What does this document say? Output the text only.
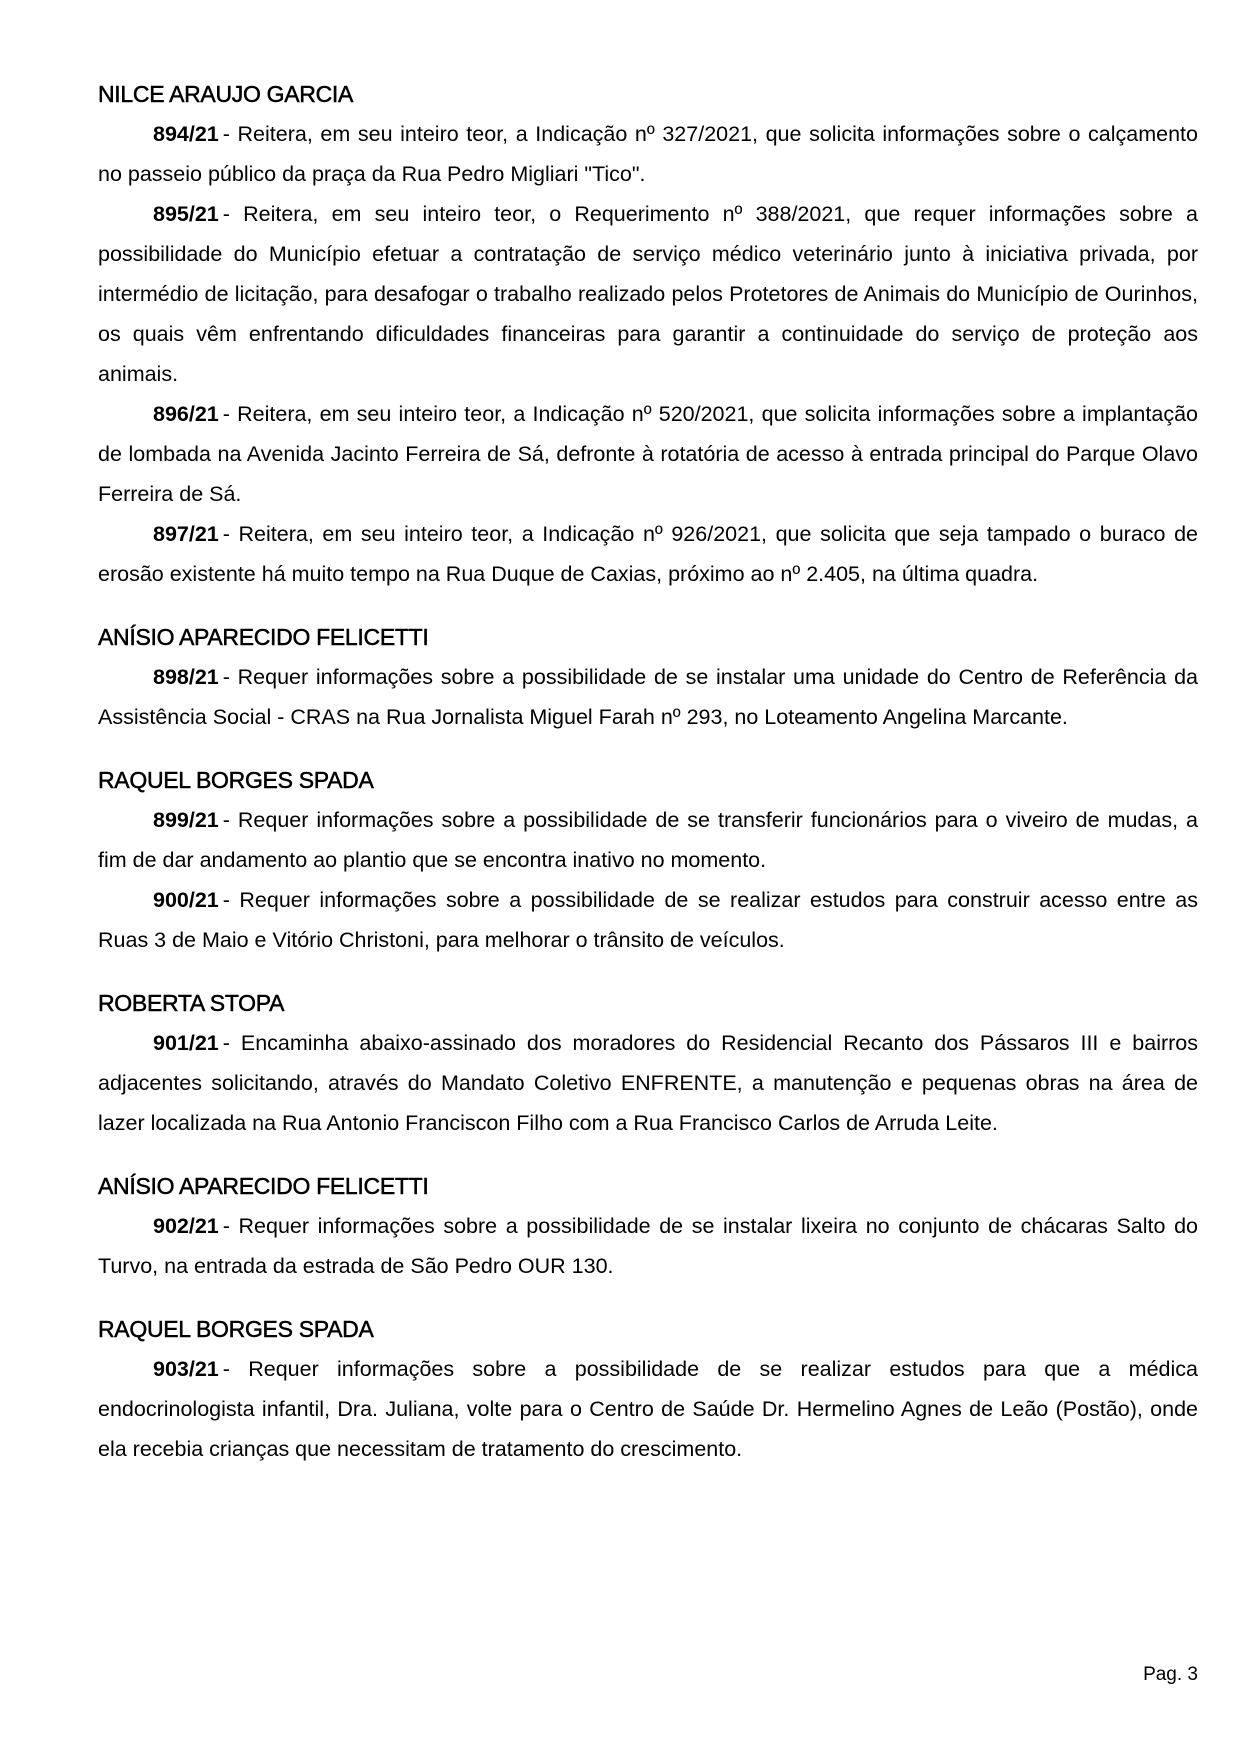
NILCE ARAUJO GARCIA

894/21 - Reitera, em seu inteiro teor, a Indicação nº 327/2021, que solicita informações sobre o calçamento no passeio público da praça da Rua Pedro Migliari "Tico".

895/21 - Reitera, em seu inteiro teor, o Requerimento nº 388/2021, que requer informações sobre a possibilidade do Município efetuar a contratação de serviço médico veterinário junto à iniciativa privada, por intermédio de licitação, para desafogar o trabalho realizado pelos Protetores de Animais do Município de Ourinhos, os quais vêm enfrentando dificuldades financeiras para garantir a continuidade do serviço de proteção aos animais.

896/21 - Reitera, em seu inteiro teor, a Indicação nº 520/2021, que solicita informações sobre a implantação de lombada na Avenida Jacinto Ferreira de Sá, defronte à rotatória de acesso à entrada principal do Parque Olavo Ferreira de Sá.

897/21 - Reitera, em seu inteiro teor, a Indicação nº 926/2021, que solicita que seja tampado o buraco de erosão existente há muito tempo na Rua Duque de Caxias, próximo ao nº 2.405, na última quadra.

ANÍSIO APARECIDO FELICETTI

898/21 - Requer informações sobre a possibilidade de se instalar uma unidade do Centro de Referência da Assistência Social - CRAS na Rua Jornalista Miguel Farah nº 293, no Loteamento Angelina Marcante.

RAQUEL BORGES SPADA

899/21 - Requer informações sobre a possibilidade de se transferir funcionários para o viveiro de mudas, a fim de dar andamento ao plantio que se encontra inativo no momento.

900/21 - Requer informações sobre a possibilidade de se realizar estudos para construir acesso entre as Ruas 3 de Maio e Vitório Christoni, para melhorar o trânsito de veículos.

ROBERTA STOPA

901/21 - Encaminha abaixo-assinado dos moradores do Residencial Recanto dos Pássaros III e bairros adjacentes solicitando, através do Mandato Coletivo ENFRENTE, a manutenção e pequenas obras na área de lazer localizada na Rua Antonio Franciscon Filho com a Rua Francisco Carlos de Arruda Leite.

ANÍSIO APARECIDO FELICETTI

902/21 - Requer informações sobre a possibilidade de se instalar lixeira no conjunto de chácaras Salto do Turvo, na entrada da estrada de São Pedro OUR 130.

RAQUEL BORGES SPADA

903/21 - Requer informações sobre a possibilidade de se realizar estudos para que a médica endocrinologista infantil, Dra. Juliana, volte para o Centro de Saúde Dr. Hermelino Agnes de Leão (Postão), onde ela recebia crianças que necessitam de tratamento do crescimento.

Pag. 3
